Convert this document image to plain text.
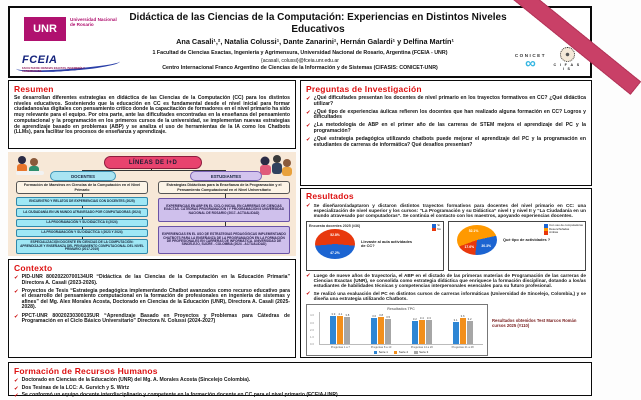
UNR
Universidad Nacional de Rosario
Didáctica de las Ciencias de la Computación: Experiencias en Distintos Niveles Educativos
Ana Casali¹,², Natalia Colussi¹, Dante Zanarini¹, Hernán Galardi¹ y Delfina Martín¹
1 Facultad de Ciencias Exactas, Ingeniería y Agrimensura, Universidad Nacional de Rosario, Argentina (FCEIA - UNR)
{acasali, colussi}@fceia.unr.edu.ar
Centro Internacional Franco Argentino de Ciencias de la Información y de Sistemas (CIFASIS: CONICET-UNR)
FCEIA
FACULTAD DE CIENCIAS EXACTAS, INGENIERÍA Y AGRIMENSURA
CONICET
∞	C I F A S I S
Resumen
Se desarrollan diferentes estrategias en didáctica de las Ciencias de la Computación (CC) para los distintos niveles educativos. Sosteniendo que la educación en CC es fundamental desde el nivel inicial para formar ciudadanos/as digitales con pensamiento crítico donde la capacitación de formadores en el nivel primario ha sido muy relevante para el equipo. Por otra parte, ante las dificultades encontradas en la enseñanza del pensamiento computacional y la programación en los primeros cursos de la universidad, se implementan nuevas estrategias de aprendizaje basado en problemas (ABP) y se analiza el uso de herramientas de la IA como los Chatbots (LLMs), para facilitar los procesos de enseñanza y aprendizaje.
Preguntas de Investigación
✔ ¿Qué dificultades presentan los docentes de nivel primario en los trayectos formativos en CC? ¿Qué didáctica utilizar?
✔ ¿Qué tipo de experiencias áulicas refieren los docentes que han realizado alguna formación en CC? Logros y dificultades
✔ ¿La metodología de ABP en el primer año de las carreras de STEM mejora el aprendizaje del PC y la programación?
✔ ¿Qué estrategia pedagógica utilizando chatbots puede mejorar el aprendizaje del PC y la programación en estudiantes de carreras de informática? Qué desafíos presentan?
LÍNEAS DE I+D
DOCENTES	ESTUDIANTES
Formación de Maestros en Ciencias de la Computación en el Nivel Primario
Estrategias Didácticas para la Enseñanza de la Programación y el Pensamiento Computacional en el Nivel Universitario
ENCUENTRO Y RELATOS DE EXPERIENCIAS CON DOCENTES (2025)
LA CIUDADANÍA EN UN MUNDO ATRAVESADO POR COMPUTADORAS (2024)
LA PROGRAMACIÓN Y SU DIDÁCTICA II (2024)
LA PROGRAMACIÓN Y SU DIDÁCTICA I (2023 Y 2024)
ESPECIALIZACIÓN DOCENTE EN CIENCIAS DE LA COMPUTACIÓN: APRENDIZAJE Y ENSEÑANZA DEL PENSAMIENTO COMPUTACIONAL DEL NIVEL PRIMARIO (2017-2019)
EXPERIENCIAS EN ABP EN EL CICLO INICIAL EN CARRERAS DE CIENCIAS EXACTAS. CÁTEDRAS PROGRAMACIÓN I Y PROGRAMACIÓN II UNIVERSIDAD NACIONAL DE ROSARIO (2017- ACTUALIDAD)
EXPERIENCIAS EN EL USO DE ESTRATEGIAS PEDAGÓGICAS IMPLEMENTANDO CHATBOTS PARA LA ENSEÑANZA DE LA PROGRAMACIÓN EN LA FORMACIÓN DE PROFESIONALES EN CARRERAS DE INFORMÁTICA. UNIVERSIDAD DE SINCELEJO, SUCRE - COLOMBIA (2024 - ACTUALIDAD)
Contexto
✔ PID-UNR 80020220700134UR “Didáctica de las Ciencias de la Computación en la Educación Primaria” Directora A. Casali (2023-2026).
✔ Proyectos de Tesis “Estrategia pedagógica implementando Chatbot avanzados como recurso educativo para el desarrollo del pensamiento computacional en la formación de profesionales en ingeniería de sistemas y afines” del Mg. Alex Morales Acosta, Doctorado en Ciencias de la Educación (UNR), Directora A. Casali (2025-2028).
✔ PPCT-UNR 80020230300135UR “Aprendizaje Basado en Proyectos y Problemas para Cátedras de Programación en el Ciclo Básico Universitario” Directora N. Colussi (2024-2027)
Resultados
✔ Se diseñaron/adaptaron y dictaron distintos trayectos formativos para docentes del nivel primario en CC: una especialización de nivel superior y los cursos: “La Programación y su Didáctica” nivel I y nivel II y “La Ciudadanía en un mundo atravesado por computadoras”. Se continúa el contacto con los maestros, apoyando experiencias docentes.
Encuesta docentes 2025 (#36)
52.8%
47.2%
Llevaste al aula actividades de CC?
Sí
No
52.1%
30.3%
17.6%
Qué tipo de actividades ?
Con uso de computadoras
Desenchufadas
Ambas
✔ Luego de nueve años de trayectoria, el ABP en el dictado de las primeras materias de Programación de las carreras de Ciencias Exactas (UNR), se consolida como estrategia didáctica que enriquece la formación disciplinar, dotando a los/as estudiantes de habilidades técnicas y competencias interpersonales esenciales para su futuro profesional.
✔ Se realizó una evaluación del PC en distintos cursos de carreras informáticas (Universidad de Sincelejo, Colombia,) y se diseña una estrategia utilizando Chatbots.
Resultados TPC
0.0
1.0
2.0
3.0
4.0	3.9 4.1 3.8
Preguntas 1 a 7
3.6 3.8
3.5
Preguntas 8 a 13
3.2 3.4 3.3
Preguntas 14 a 20
3.1
3.6
3.2
Preguntas 21 a 28
Serie 1	Serie 2	Serie 3
Resultados obtenidos Test Marcos Román cursos 2025 (#110)
Formación de Recursos Humanos
✔ Doctorado en Ciencias de la Educación (UNR) del Mg. A. Morales Acosta (Sincelejo Colombia).
✔ Dos Tesinas de la LCC: A. Gurvich y S. Wirtz
✔ Se conformó un equipo docente interdisciplinario y competente en la formación docente en CC para el nivel primario (FCEIA-UNR).
